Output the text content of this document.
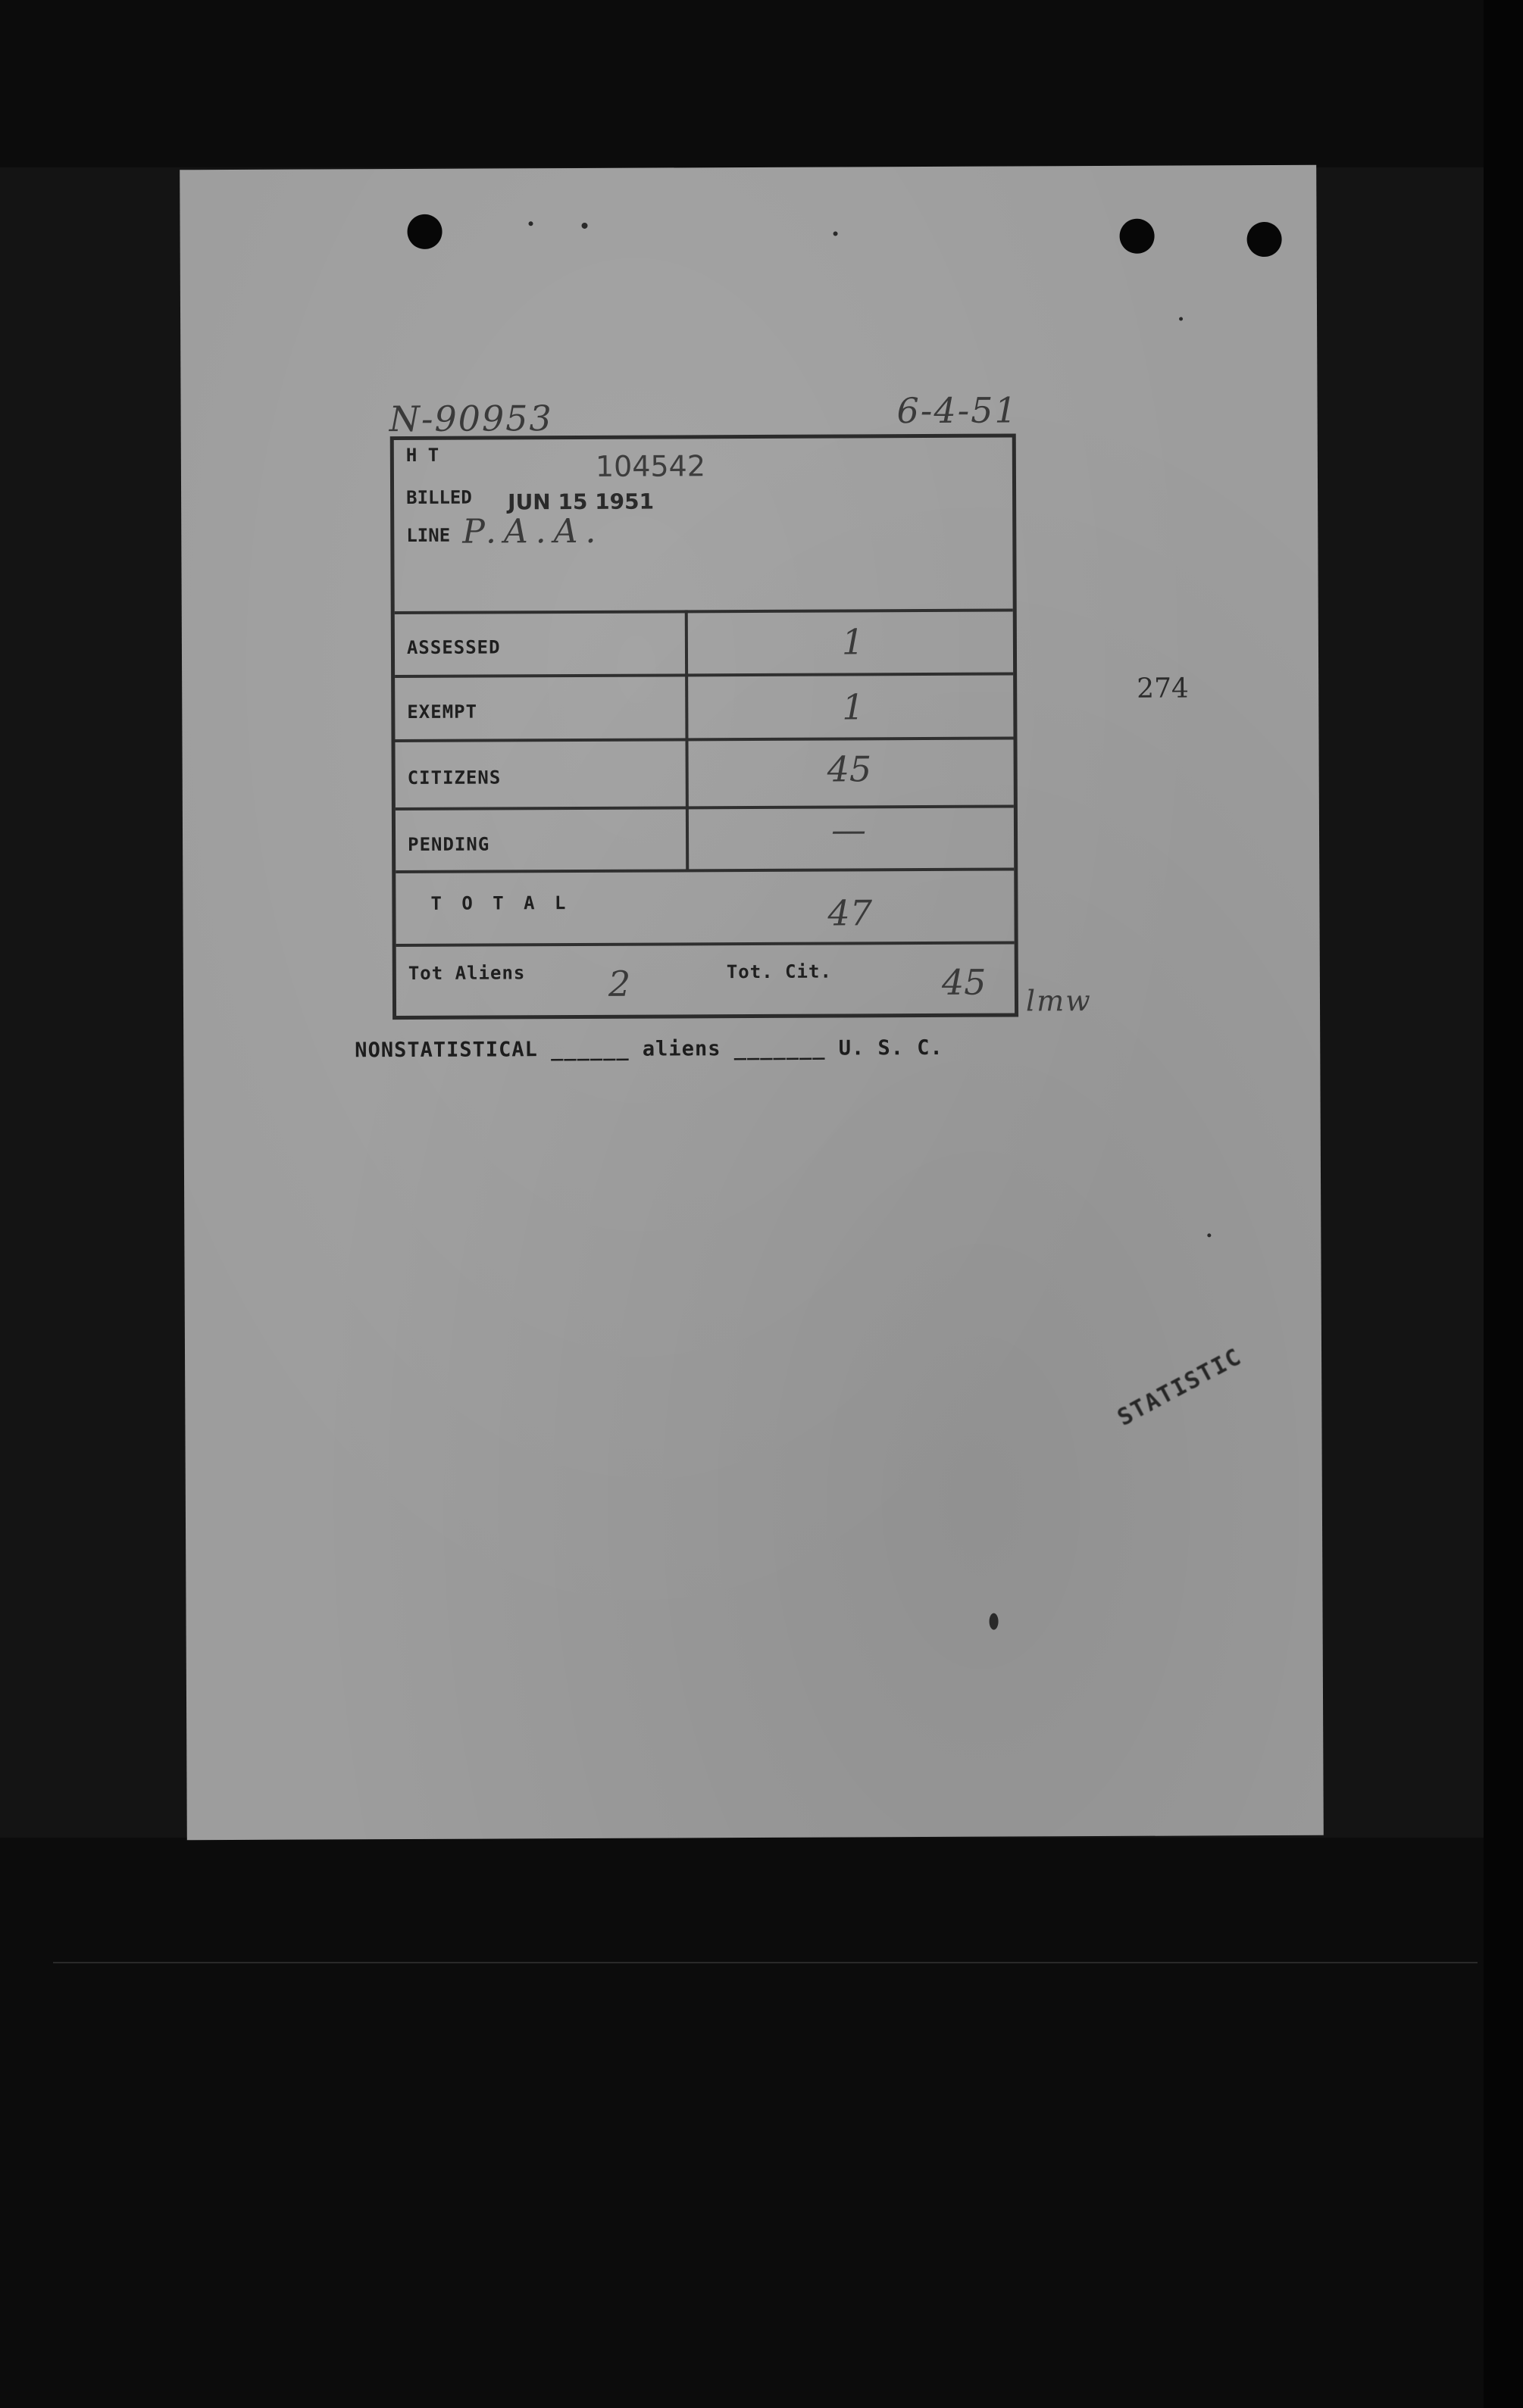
N-90953	6-4-51
H T	104542
BILLED JUN 15 1951
LINE P.A.A.
ASSESSED	1
EXEMPT	1
CITIZENS	45
PENDING	—
T O T A L	47
Tot Aliens 2	Tot. Cit.	45 lmw
274
NONSTATISTICAL ______ aliens _______ U. S. C.
STATISTIC
